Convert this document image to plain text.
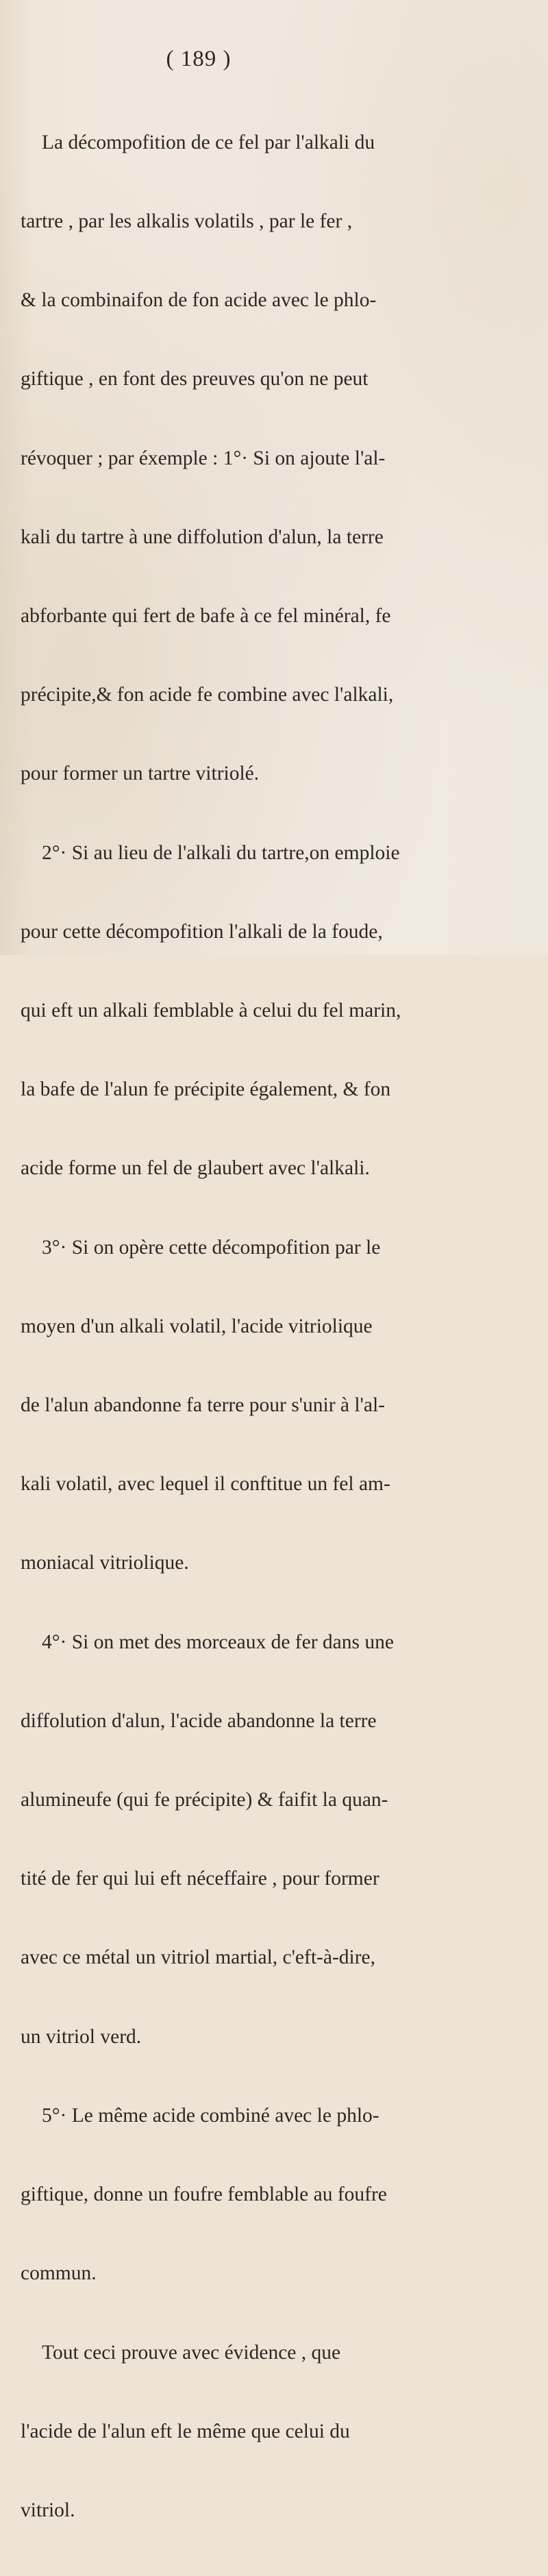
( 189 )

La décompofition de ce fel par l'alkali du

tartre , par les alkalis volatils , par le fer ,

& la combinaifon de fon acide avec le phlo-

giftique , en font des preuves qu'on ne peut

révoquer ; par éxemple : 1°· Si on ajoute l'al-

kali du tartre à une diffolution d'alun, la terre

abforbante qui fert de bafe à ce fel minéral, fe

précipite,& fon acide fe combine avec l'alkali,

pour former un tartre vitriolé.

2°· Si au lieu de l'alkali du tartre,on emploie

pour cette décompofition l'alkali de la foude,

qui eft un alkali femblable à celui du fel marin,

la bafe de l'alun fe précipite également, & fon

acide forme un fel de glaubert avec l'alkali.

3°· Si on opère cette décompofition par le

moyen d'un alkali volatil, l'acide vitriolique

de l'alun abandonne fa terre pour s'unir à l'al-

kali volatil, avec lequel il conftitue un fel am-

moniacal vitriolique.

4°· Si on met des morceaux de fer dans une

diffolution d'alun, l'acide abandonne la terre

alumineufe (qui fe précipite) & faifit la quan-

tité de fer qui lui eft néceffaire , pour former

avec ce métal un vitriol martial, c'eft-à-dire,

un vitriol verd.

5°· Le même acide combiné avec le phlo-

giftique, donne un foufre femblable au foufre

commun.

Tout ceci prouve avec évidence , que

l'acide de l'alun eft le même que celui du

vitriol.
